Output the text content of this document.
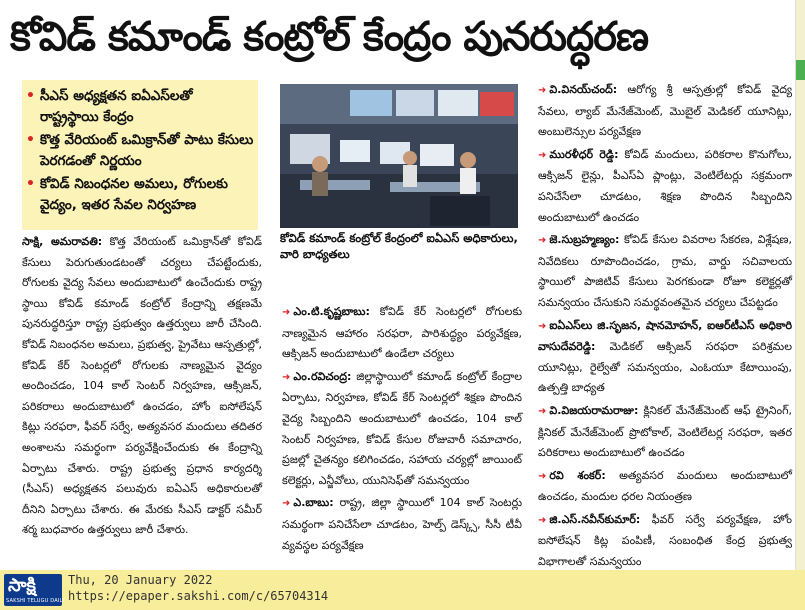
కోవిడ్ కమాండ్ కంట్రోల్ కేంద్రం పునరుద్ధరణ
• సీఎస్ అధ్యక్షతన ఐఏఎస్‌లతో రాష్ట్రస్థాయి కేంద్రం
• కొత్త వేరియంట్ ఒమిక్రాన్‌తో పాటు కేసులు పెరగడంతో నిర్ణయం
• కోవిడ్ నిబంధనల అమలు, రోగులకు వైద్యం, ఇతర సేవల నిర్వహణ
కోవిడ్ కమాండ్ కంట్రోల్ కేంద్రంలో ఐఏఎస్ అధికారులు, వారి బాధ్యతలు

సాక్షి, అమరావతి: కొత్త వేరియంట్ ఒమిక్రాన్‌తో కోవిడ్ కేసులు పెరుగుతుండటంతో చర్యలు చేపట్టేందుకు, రోగులకు వైద్య సేవలు అందుబాటులో ఉంచేందుకు రాష్ట్ర స్థాయి కోవిడ్ కమాండ్ కంట్రోల్ కేంద్రాన్ని తక్షణమే పునరుద్ధరిస్తూ రాష్ట్ర ప్రభుత్వం ఉత్తర్వులు జారీ చేసింది. కోవిడ్ నిబంధనల అమలు, ప్రభుత్వ, ప్రైవేటు ఆస్పత్రుల్లో, కోవిడ్ కేర్ సెంటర్లలో రోగులకు నాణ్యమైన వైద్యం అందించడం, 104 కాల్ సెంటర్ నిర్వహణ, ఆక్సిజన్, పరికరాలు అందుబాటులో ఉంచడం, హోం ఐసోలేషన్ కిట్లు సరఫరా, ఫీవర్ సర్వే, అత్యవసర మందులు తదితర అంశాలను సమర్థంగా పర్యవేక్షించేందుకు ఈ కేంద్రాన్ని ఏర్పాటు చేశారు. రాష్ట్ర ప్రభుత్వ ప్రధాన కార్యదర్శి (సీఎస్) అధ్యక్షతన పలువురు ఐఏఎస్ అధికారులతో దీనిని ఏర్పాటు చేశారు. ఈ మేరకు సీఎస్ డాక్టర్ సమీర్ శర్మ బుధవారం ఉత్తర్వులు జారీ చేశారు.

➜ ఎం.టి.కృష్ణబాబు: కోవిడ్ కేర్ సెంటర్లలో రోగులకు నాణ్యమైన ఆహారం సరఫరా, పారిశుద్ధ్యం పర్యవేక్షణ, ఆక్సిజన్ అందుబాటులో ఉండేలా చర్యలు

➜ ఎం.రవిచంద్ర: జిల్లాస్థాయిలో కమాండ్ కంట్రోల్ కేంద్రాల ఏర్పాటు, నిర్వహణ, కోవిడ్ కేర్ సెంటర్లలో శిక్షణ పొందిన వైద్య సిబ్బందిని అందుబాటులో ఉంచడం, 104 కాల్ సెంటర్ నిర్వహణ, కోవిడ్ కేసుల రోజువారీ సమాచారం, ప్రజల్లో చైతన్యం కలిగించడం, సహాయ చర్యల్లో జాయింట్ కలెక్టర్లు, ఎన్జీవోలు, యునిసెఫ్‌తో సమన్వయం

➜ ఎ.బాబు: రాష్ట్ర, జిల్లా స్థాయిలో 104 కాల్ సెంటర్లు సమర్థంగా పనిచేసేలా చూడటం, హెల్ప్ డెస్క్స్, సీసీ టీవీ వ్యవస్థల పర్యవేక్షణ

➜ వి.వినయ్‌చంద్: ఆరోగ్య శ్రీ ఆస్పత్రుల్లో కోవిడ్ వైద్య సేవలు, ల్యాబ్ మేనేజ్‌మెంట్, మొబైల్ మెడికల్ యూనిట్లు, అంబులెన్సుల పర్యవేక్షణ

➜ మురళీధర్ రెడ్డి: కోవిడ్ మందులు, పరికరాల కొనుగోలు, ఆక్సిజన్ లైన్లు, పీఎస్ఏ ప్లాంట్లు, వెంటిలేటర్లు సక్రమంగా పనిచేసేలా చూడటం, శిక్షణ పొందిన సిబ్బందిని అందుబాటులో ఉంచడం

➜ జె.సుబ్రహ్మణ్యం: కోవిడ్ కేసుల వివరాల సేకరణ, విశ్లేషణ, నివేదికలు రూపొందించడం, గ్రామ, వార్డు సచివాలయ స్థాయిలో పాజిటివ్ కేసులు పెరగకుండా రోజూ కలెక్టర్లతో సమన్వయం చేసుకుని సమర్థవంతమైన చర్యలు చేపట్టడం

➜ ఐఏఎస్‌లు జి.సృజన, షానమోహన్, ఐఆర్‌టీఎస్ అధికారి వాసుదేవరెడ్డి: మెడికల్ ఆక్సిజన్ సరఫరా పరిశ్రమల యూనిట్లు, రైల్వేతో సమన్వయం, ఎంఓయూ కేటాయింపు, ఉత్పత్తి బాధ్యత

➜ వి.విజయరామరాజు: క్లినికల్ మేనేజ్‌మెంట్ ఆఫ్ ట్రైనింగ్, క్లినికల్ మేనేజ్‌మెంట్ ప్రొటోకాల్, వెంటిలేటర్ల సరఫరా, ఇతర పరికరాలు అందుబాటులో ఉంచడం

➜ రవి శంకర్: అత్యవసర మందులు అందుబాటులో ఉంచడం, మందుల ధరల నియంత్రణ

➜ జి.ఎస్.నవీన్‌కుమార్: ఫీవర్ సర్వే పర్యవేక్షణ, హోం ఐసోలేషన్ కిట్ల పంపిణీ, సంబంధిత కేంద్ర ప్రభుత్వ విభాగాలతో సమన్వయం

సాక్షి
SAKSHI TELUGU DAILY
Thu, 20 January 2022
https://epaper.sakshi.com/c/65704314
